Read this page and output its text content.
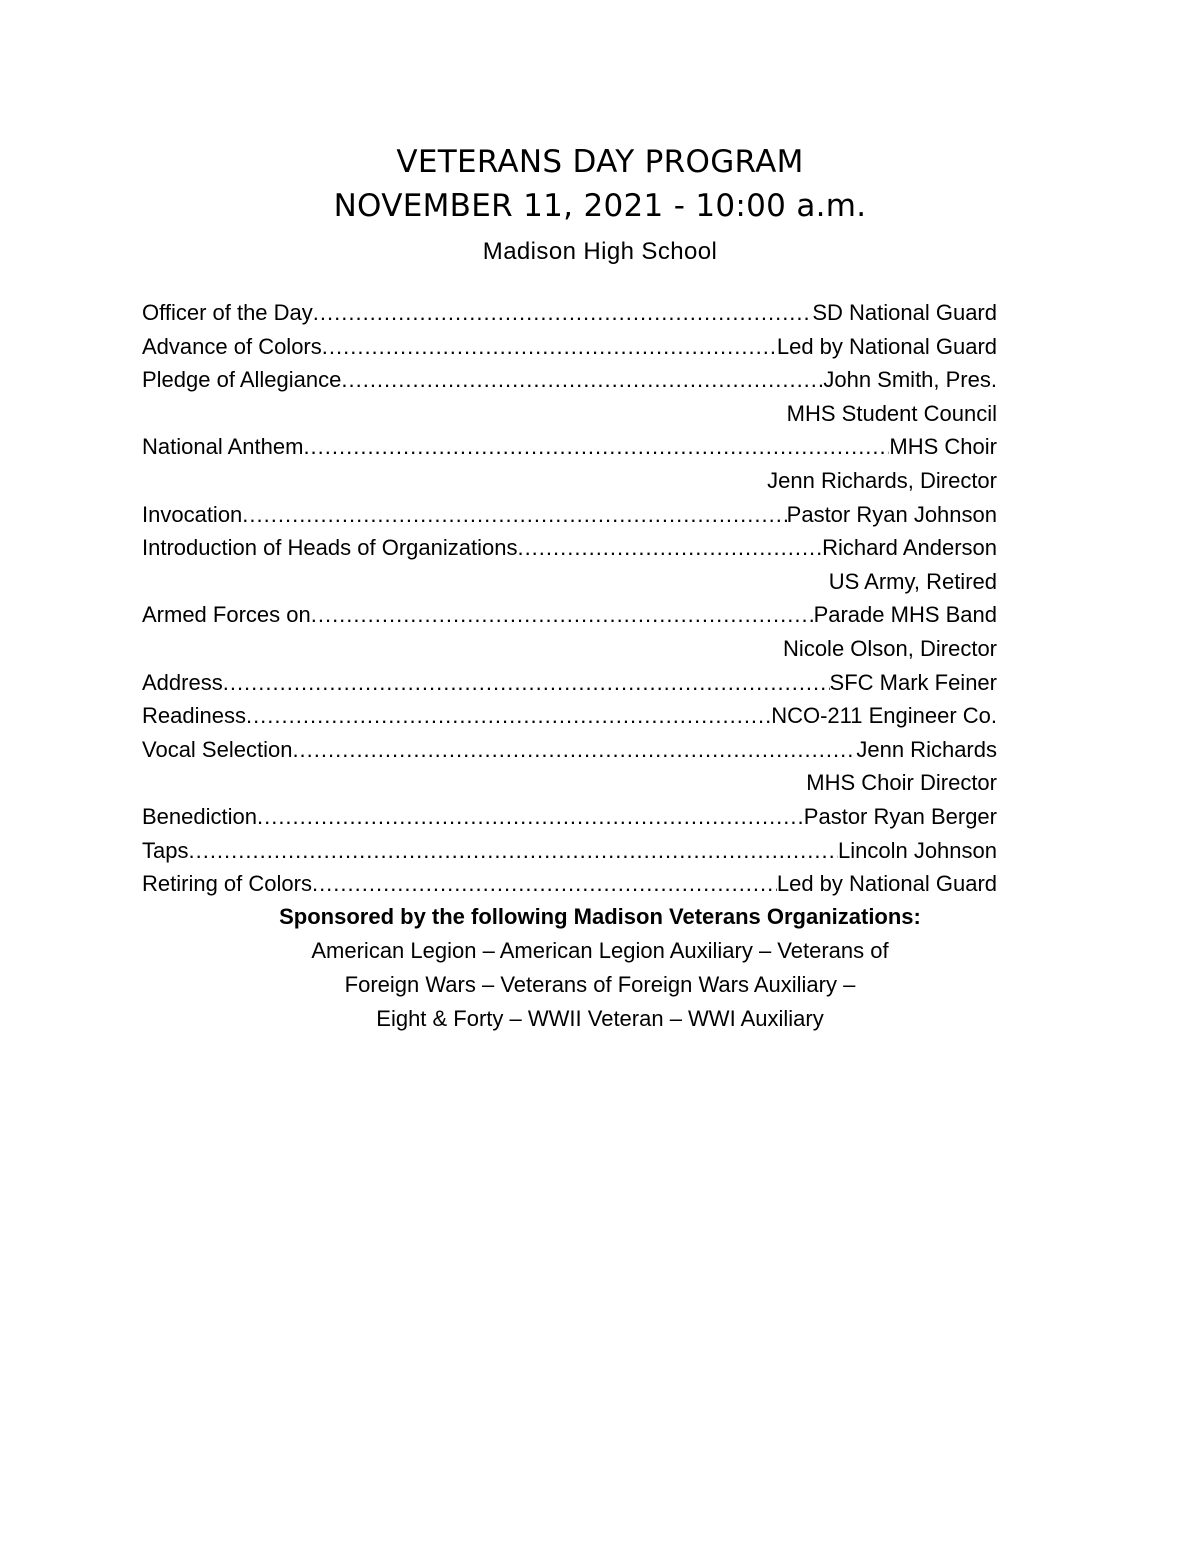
VETERANS DAY PROGRAM
NOVEMBER 11, 2021 - 10:00 a.m.
Madison High School
Officer of the Day .....	SD National Guard
Advance of Colors .....	Led by National Guard
Pledge of Allegiance .....	John Smith, Pres.
MHS Student Council
National Anthem .....	MHS Choir
Jenn Richards, Director
Invocation .....	Pastor Ryan Johnson
Introduction of Heads of Organizations .....	Richard Anderson
US Army, Retired
Armed Forces on .....	Parade MHS Band
Nicole Olson, Director
Address .....	SFC Mark Feiner
Readiness .....	NCO-211 Engineer Co.
Vocal Selection .....	Jenn Richards
MHS Choir Director
Benediction .....	Pastor Ryan Berger
Taps .....	Lincoln Johnson
Retiring of Colors .....	Led by National Guard
Sponsored by the following Madison Veterans Organizations:
American Legion – American Legion Auxiliary – Veterans of
Foreign Wars – Veterans of Foreign Wars Auxiliary –
Eight & Forty – WWII Veteran – WWI Auxiliary
